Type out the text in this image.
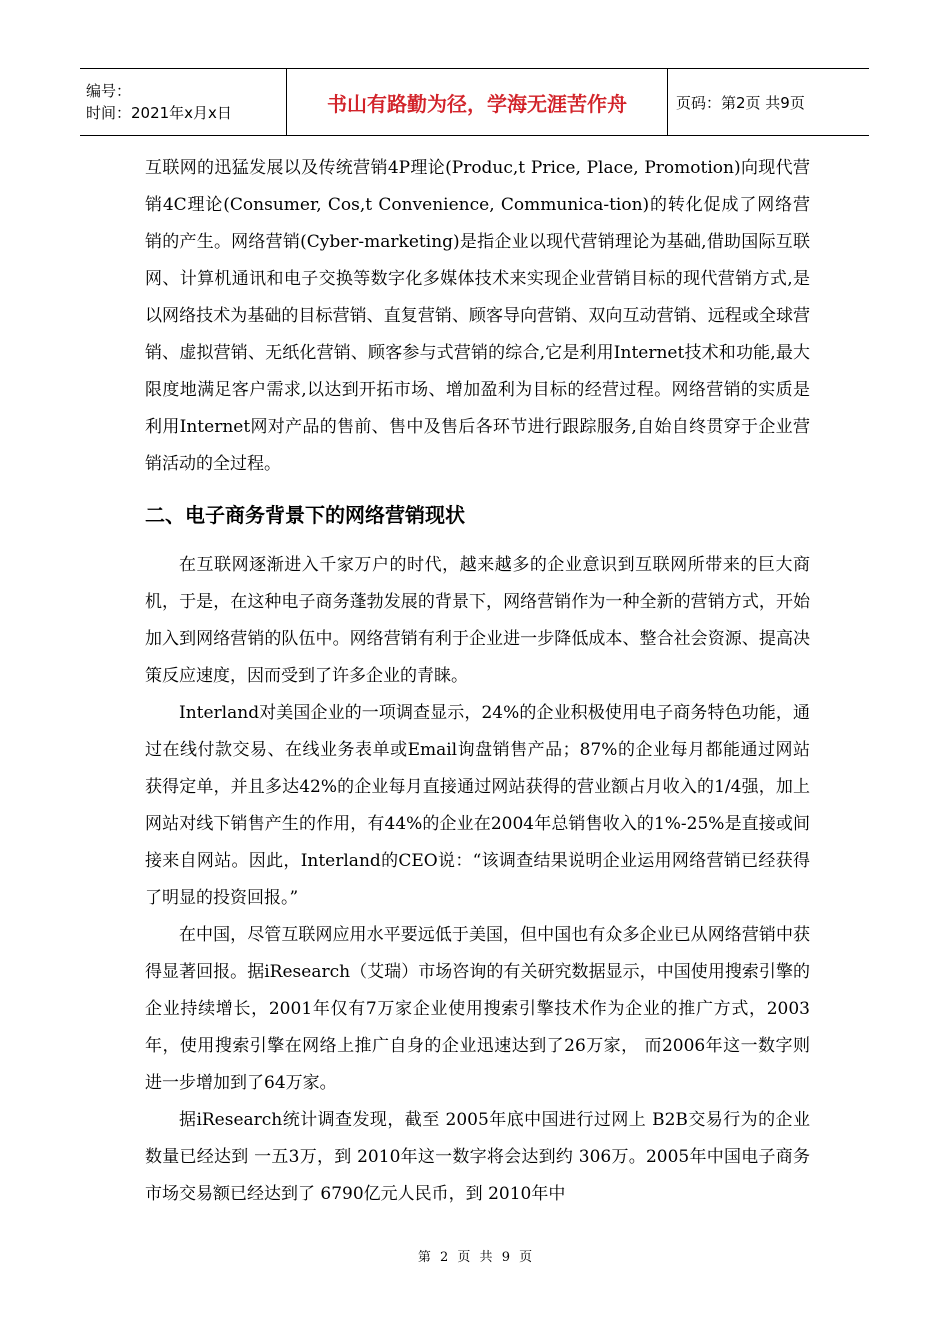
编号：
时间：2021年x月x日	书山有路勤为径，学海无涯苦作舟	页码：第2页 共9页

互联网的迅猛发展以及传统营销4P理论(Produc,t Price, Place, Promotion)向现代营销4C理论(Consumer, Cos,t Convenience, Communica-tion)的转化促成了网络营销的产生。网络营销(Cyber-marketing)是指企业以现代营销理论为基础,借助国际互联网、计算机通讯和电子交换等数字化多媒体技术来实现企业营销目标的现代营销方式,是以网络技术为基础的目标营销、直复营销、顾客导向营销、双向互动营销、远程或全球营销、虚拟营销、无纸化营销、顾客参与式营销的综合,它是利用Internet技术和功能,最大限度地满足客户需求,以达到开拓市场、增加盈利为目标的经营过程。网络营销的实质是利用Internet网对产品的售前、售中及售后各环节进行跟踪服务,自始自终贯穿于企业营销活动的全过程。

二、电子商务背景下的网络营销现状

在互联网逐渐进入千家万户的时代，越来越多的企业意识到互联网所带来的巨大商机，于是，在这种电子商务蓬勃发展的背景下，网络营销作为一种全新的营销方式，开始加入到网络营销的队伍中。网络营销有利于企业进一步降低成本、整合社会资源、提高决策反应速度，因而受到了许多企业的青睐。

Interland对美国企业的一项调查显示，24%的企业积极使用电子商务特色功能，通过在线付款交易、在线业务表单或Email询盘销售产品；87%的企业每月都能通过网站获得定单，并且多达42%的企业每月直接通过网站获得的营业额占月收入的1/4强，加上网站对线下销售产生的作用，有44%的企业在2004年总销售收入的1%-25%是直接或间接来自网站。因此，Interland的CEO说：“该调查结果说明企业运用网络营销已经获得了明显的投资回报。”

在中国，尽管互联网应用水平要远低于美国，但中国也有众多企业已从网络营销中获得显著回报。据iResearch（艾瑞）市场咨询的有关研究数据显示，中国使用搜索引擎的企业持续增长，2001年仅有7万家企业使用搜索引擎技术作为企业的推广方式，2003年，使用搜索引擎在网络上推广自身的企业迅速达到了26万家， 而2006年这一数字则进一步增加到了64万家。

据iResearch统计调查发现，截至 2005年底中国进行过网上 B2B交易行为的企业数量已经达到 一五3万，到 2010年这一数字将会达到约 306万。2005年中国电子商务市场交易额已经达到了 6790亿元人民币，到 2010年中

第 2 页 共 9 页
